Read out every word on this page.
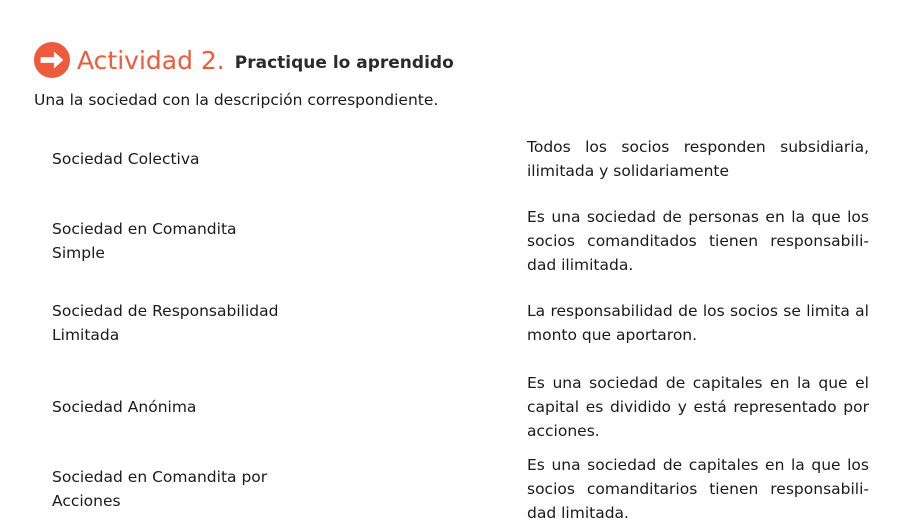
Actividad 2. Practique lo aprendido
Una la sociedad con la descripción correspondiente.
Sociedad Colectiva
Sociedad en Comandita Simple
Sociedad de Responsabilidad Limitada
Sociedad Anónima
Sociedad en Comandita por Acciones
Todos los socios responden subsidiaria, ilimitada y solidariamente
Es una sociedad de personas en la que los socios comanditados tienen responsabili-dad ilimitada.
La responsabilidad de los socios se limita al monto que aportaron.
Es una sociedad de capitales en la que el capital es dividido y está representado por acciones.
Es una sociedad de capitales en la que los socios comanditarios tienen responsabili-dad limitada.
